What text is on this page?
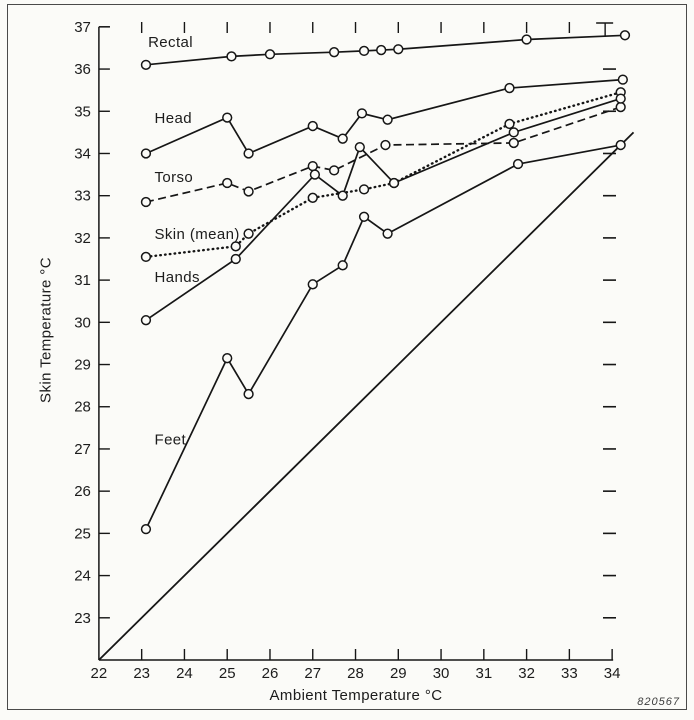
23
24
25
26
27
28
29
30
31
32
33
34
35
36
37
22 23 24 25 26 27 28 29 30 31 32 33 34
Rectal
Head
Torso
Skin (mean)
Hands
Feet
Skin Temperature °C
Ambient Temperature °C	820567
